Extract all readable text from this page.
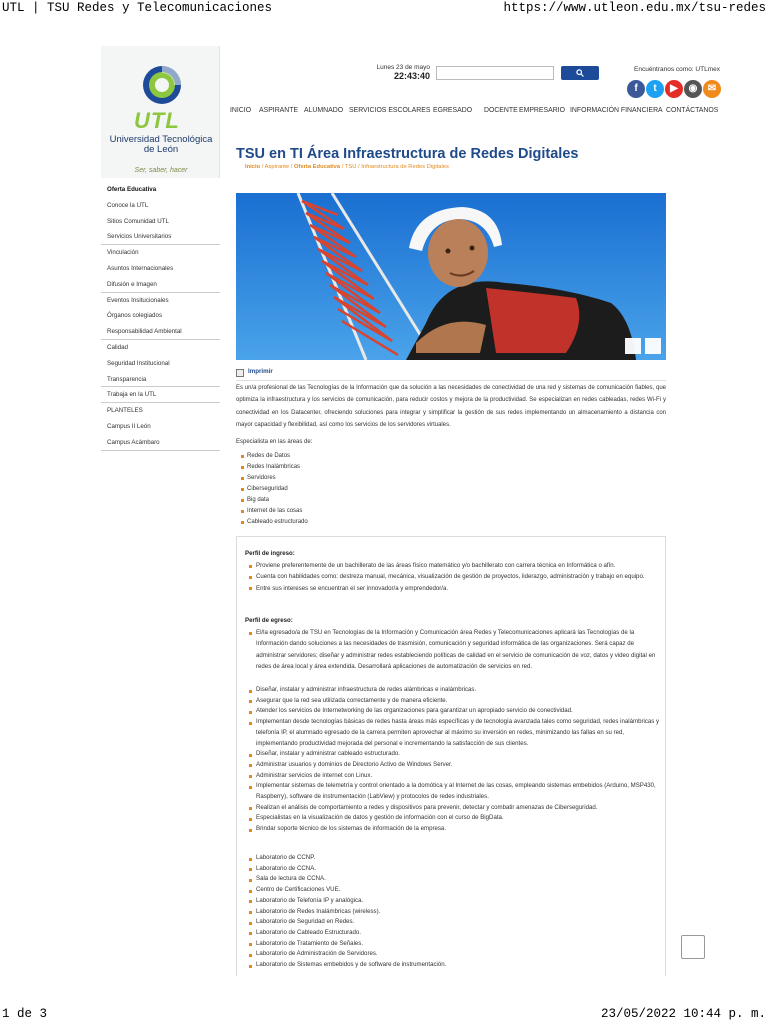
UTL | TSU Redes y Telecomunicaciones	https://www.utleon.edu.mx/tsu-redes
UTL
Universidad Tecnológica de León
Ser, saber, hacer
Oferta Educativa
Conoce la UTL
Sitios Comunidad UTL
Servicios Universitarios
Vinculación
Asuntos Internacionales
Difusión e Imagen
Eventos Insitucionales
Órganos colegiados
Responsabilidad Ambiental
Calidad
Seguridad Institucional
Transparencia
Trabaja en la UTL
PLANTELES
Campus II León
Campus Acámbaro
Lunes 23 de mayo
22:43:40
Encuéntranos como: UTLmex
f	t	▶	◉	✉
INICIO ASPIRANTE ALUMNADO SERVICIOS ESCOLARES EGRESADO DOCENTE EMPRESARIO INFORMACIÓN FINANCIERA CONTÁCTANOS
TSU en TI Área Infraestructura de Redes Digitales
Inicio / Aspirante / Oferta Educativa / TSU / Infraestructura de Redes Digitales
Imprimir

Es un/a profesional de las Tecnologías de la Información que da solución a las necesidades de conectividad de una red y sistemas de comunicación fiables, que optimiza la infraestructura y los servicios de comunicación, para reducir costos y mejora de la productividad. Se especializan en redes cableadas, redes Wi-Fi y conectividad en los Datacenter, ofreciendo soluciones para integrar y simplificar la gestión de sus redes implementando un almacenamiento a distancia con mayor capacidad y flexibilidad, así como los servicios de los servidores virtuales.

Especialista en las áreas de:
Redes de Datos
Redes Inalámbricas
Servidores
Ciberseguridad
Big data
Internet de las cosas
Cableado estructurado
Perfil de ingreso:
Proviene preferentemente de un bachillerato de las áreas físico matemático y/o bachillerato con carrera técnica en Informática o afín.
Cuenta con habilidades como: destreza manual, mecánica, visualización de gestión de proyectos, liderazgo, administración y trabajo en equipo.
Entre sus intereses se encuentran el ser innovador/a y emprendedor/a.
Perfil de egreso:
El/la egresado/a de TSU en Tecnologías de la Información y Comunicación área Redes y Telecomunicaciones aplicará las Tecnologías de la Información dando soluciones a las necesidades de trasmisión, comunicación y seguridad informática de las organizaciones. Será capaz de administrar servidores; diseñar y administrar redes estableciendo políticas de calidad en el servicio de comunicación de voz, datos y video digital en redes de área local y área extendida. Desarrollará aplicaciones de automatización de servicios en red.
Diseñar, instalar y administrar infraestructura de redes alámbricas e inalámbricas.
Asegurar que la red sea utilizada correctamente y de manera eficiente.
Atender los servicios de Internetworking de las organizaciones para garantizar un apropiado servicio de conectividad.
Implementan desde tecnologías básicas de redes hasta áreas más específicas y de tecnología avanzada tales como seguridad, redes inalámbricas y telefonía IP, el alumnado egresado de la carrera permiten aprovechar al máximo su inversión en redes, minimizando las fallas en su red, implementando productividad mejorada del personal e incrementando la satisfacción de sus clientes.
Diseñar, instalar y administrar cableado estructurado.
Administrar usuarios y dominios de Directorio Activo de Windows Server.
Administrar servicios de internet con Linux.
Implementar sistemas de telemetría y control orientado a la domótica y al Internet de las cosas, empleando sistemas embebidos (Arduino, MSP430, Raspberry), software de instrumentación (LabView) y protocolos de redes industriales.
Realizan el análisis de comportamiento a redes y dispositivos para prevenir, detectar y combatir amenazas de Ciberseguridad.
Especialistas en la visualización de datos y gestión de información con el curso de BigData.
Brindar soporte técnico de los sistemas de información de la empresa.
Laboratorio de CCNP.
Laboratorio de CCNA.
Sala de lectura de CCNA.
Centro de Certificaciones VUE.
Laboratorio de Telefonía IP y analógica.
Laboratorio de Redes Inalámbricas (wireless).
Laboratorio de Seguridad en Redes.
Laboratorio de Cableado Estructurado.
Laboratorio de Tratamiento de Señales.
Laboratorio de Administración de Servidores.
Laboratorio de Sistemas embebidos y de software de instrumentación.
1 de 3	23/05/2022 10:44 p. m.
